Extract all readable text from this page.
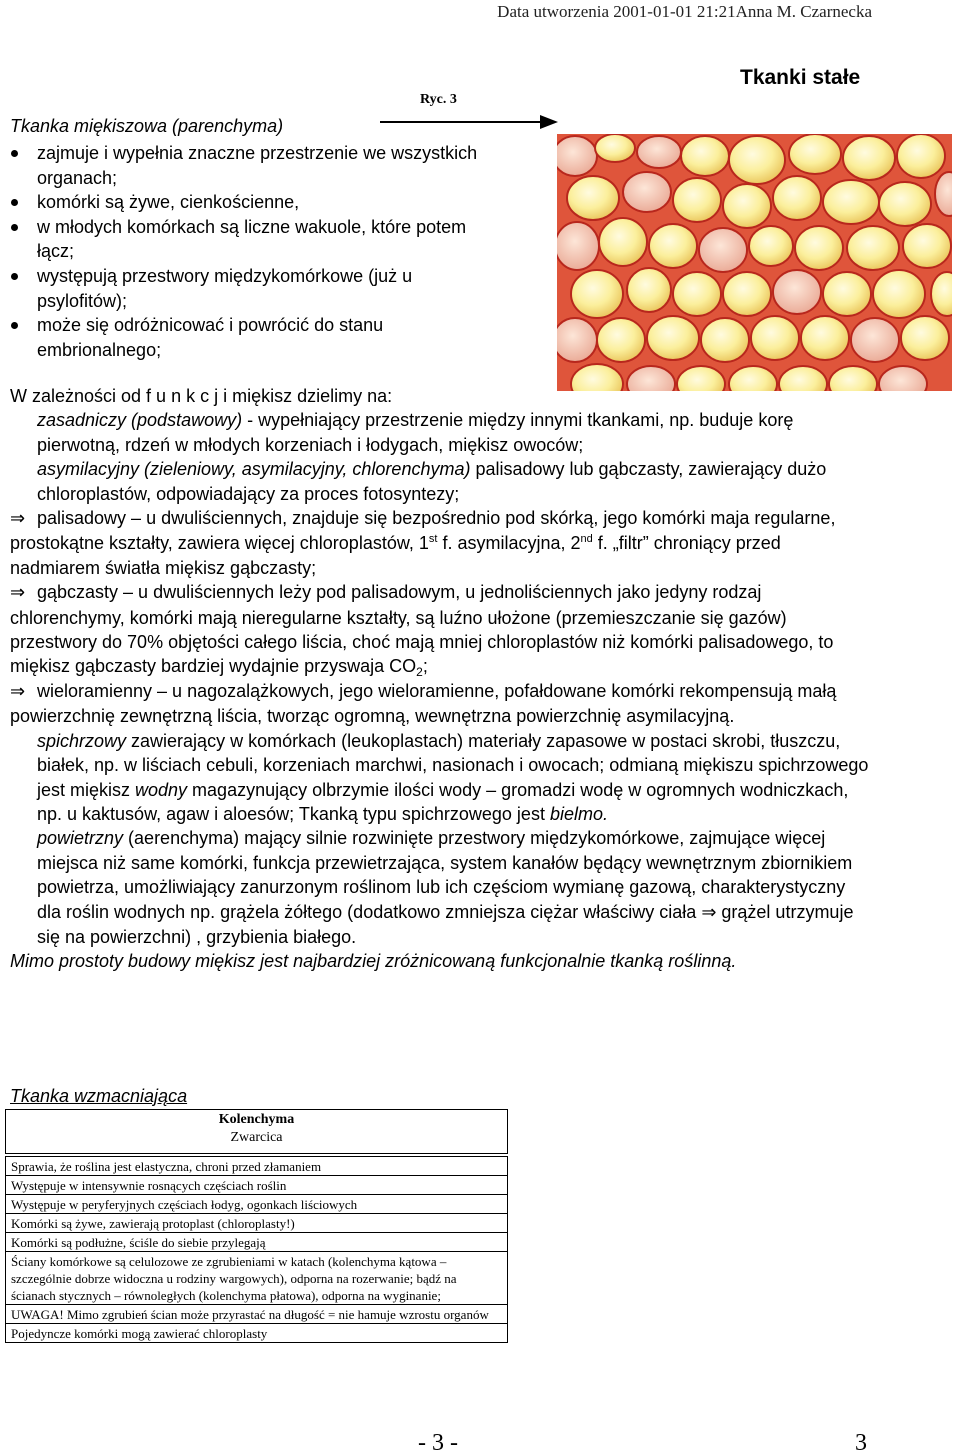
Data utworzenia 2001-01-01 21:21Anna M. Czarnecka
Tkanki stałe
Ryc. 3
Tkanka miękiszowa (parenchyma)
zajmuje i wypełnia znaczne przestrzenie we wszystkich organach;
komórki są żywe, cienkościenne,
w młodych komórkach są liczne wakuole, które potem łącz;
występują przestwory międzykomórkowe (już u psylofitów);
może się odróżnicować i powrócić do stanu embrionalnego;

W zależności od f u n k c j i miękisz dzielimy na:

zasadniczy (podstawowy) - wypełniający przestrzenie między innymi tkankami, np. buduje korę pierwotną, rdzeń w młodych korzeniach i łodygach, miękisz owoców;

asymilacyjny (zieleniowy, asymilacyjny, chlorenchyma) palisadowy lub gąbczasty, zawierający dużo chloroplastów, odpowiadający za proces fotosyntezy;

⇒ palisadowy – u dwuliściennych, znajduje się bezpośrednio pod skórką, jego komórki maja regularne, prostokątne kształty, zawiera więcej chloroplastów, 1st f. asymilacyjna, 2nd f. „filtr” chroniący przed nadmiarem światła miękisz gąbczasty;

⇒ gąbczasty – u dwuliściennych leży pod palisadowym, u jednoliściennych jako jedyny rodzaj chlorenchymy, komórki mają nieregularne kształty, są luźno ułożone (przemieszczanie się gazów) przestwory do 70% objętości całego liścia, choć mają mniej chloroplastów niż komórki palisadowego, to miękisz gąbczasty bardziej wydajnie przyswaja $CO_2$;

⇒ wieloramienny – u nagozalążkowych, jego wieloramienne, pofałdowane komórki rekompensują małą powierzchnię zewnętrzną liścia, tworząc ogromną, wewnętrzna powierzchnię asymilacyjną.

spichrzowy zawierający w komórkach (leukoplastach) materiały zapasowe w postaci skrobi, tłuszczu, białek, np. w liściach cebuli, korzeniach marchwi, nasionach i owocach; odmianą miękiszu spichrzowego jest miękisz wodny magazynujący olbrzymie ilości wody – gromadzi wodę w ogromnych wodniczkach, np. u kaktusów, agaw i aloesów; Tkanką typu spichrzowego jest bielmo.

powietrzny (aerenchyma) mający silnie rozwinięte przestwory międzykomórkowe, zajmujące więcej miejsca niż same komórki, funkcja przewietrzająca, system kanałów będący wewnętrznym zbiornikiem powietrza, umożliwiający zanurzonym roślinom lub ich częściom wymianę gazową, charakterystyczny dla roślin wodnych np. grążela żółtego (dodatkowo zmniejsza ciężar właściwy ciała ⇒ grążel utrzymuje się na powierzchni) , grzybienia białego.

Mimo prostoty budowy miękisz jest najbardziej zróżnicowaną funkcjonalnie tkanką roślinną.

Tkanka wzmacniająca
Kolenchyma
Zwarcica
Sprawia, że roślina jest elastyczna, chroni przed złamaniem
Występuje w intensywnie rosnących częściach roślin
Występuje w peryferyjnych częściach łodyg, ogonkach liściowych
Komórki są żywe, zawierają protoplast (chloroplasty!)
Komórki są podłużne, ściśle do siebie przylegają
Ściany komórkowe są celulozowe ze zgrubieniami w katach (kolenchyma kątowa – szczególnie dobrze widoczna u rodziny wargowych), odporna na rozerwanie; bądź na ścianach stycznych – równoległych (kolenchyma płatowa), odporna na wyginanie;
UWAGA! Mimo zgrubień ścian może przyrastać na długość = nie hamuje wzrostu organów
Pojedyncze komórki mogą zawierać chloroplasty
- 3 -	3
